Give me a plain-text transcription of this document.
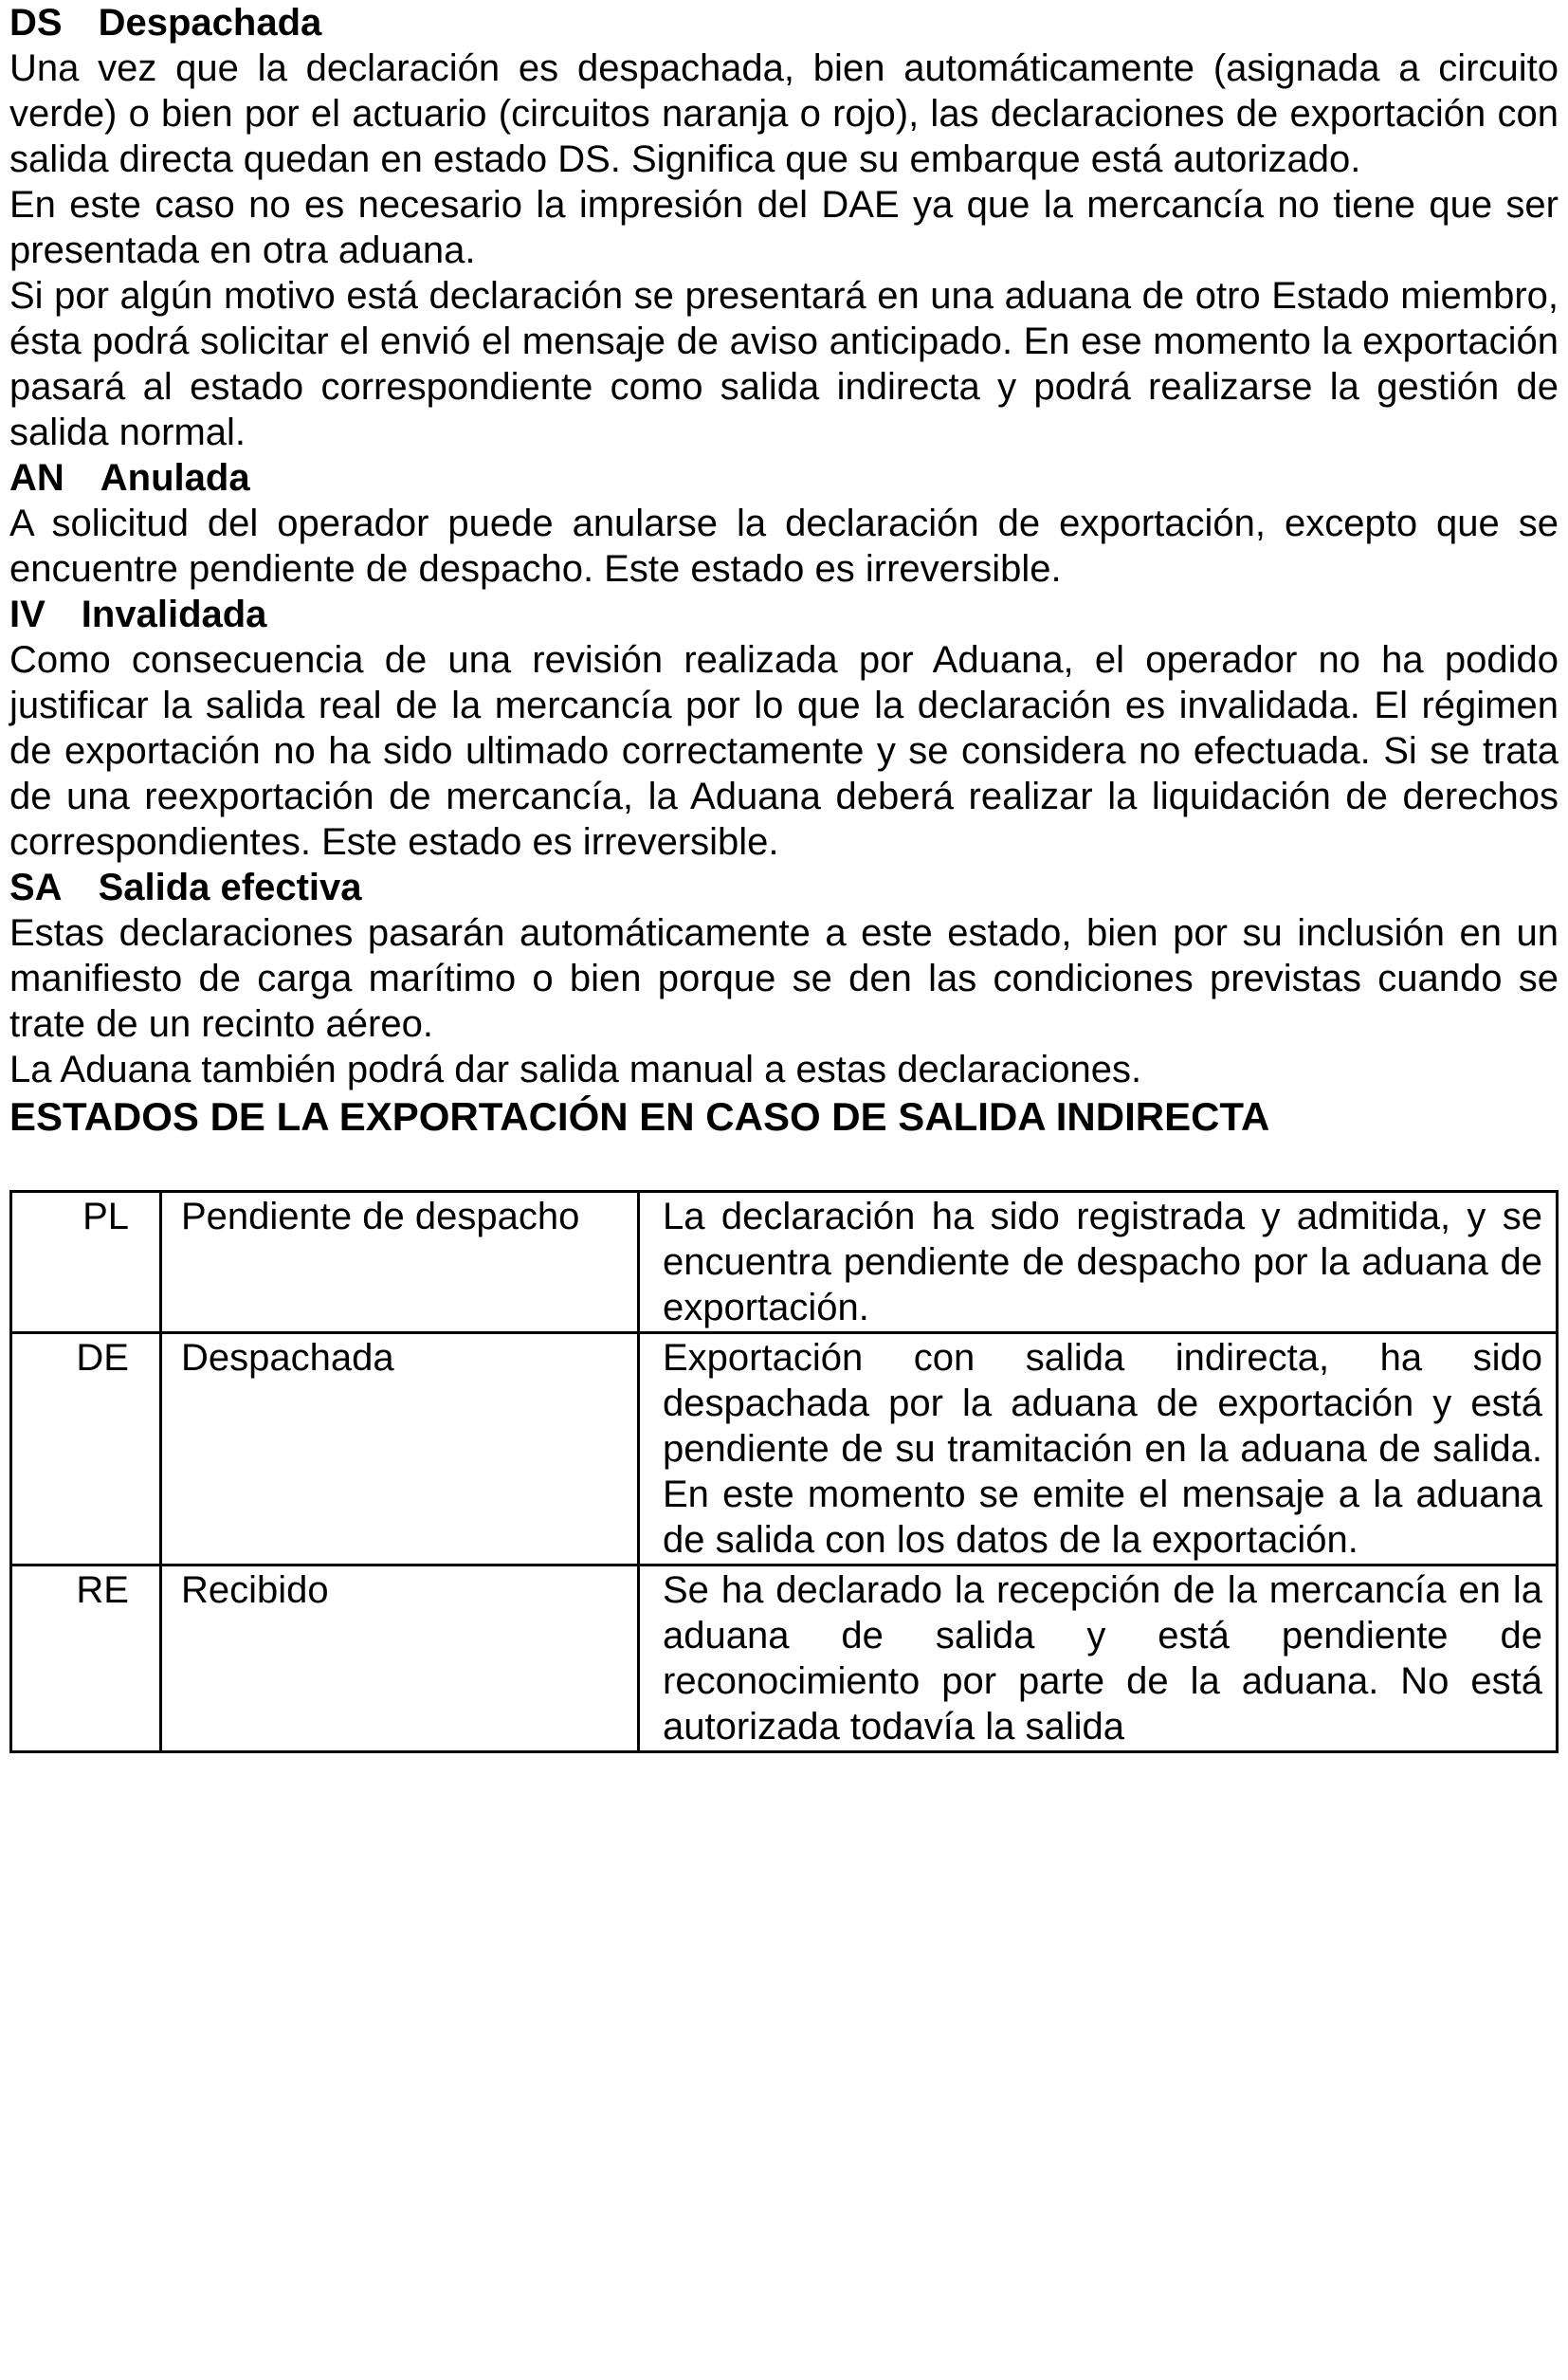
DS Despachada

Una vez que la declaración es despachada, bien automáticamente (asignada a circuito verde) o bien por el actuario (circuitos naranja o rojo), las declaraciones de exportación con salida directa quedan en estado DS. Significa que su embarque está autorizado.

En este caso no es necesario la impresión del DAE ya que la mercancía no tiene que ser presentada en otra aduana.

Si por algún motivo está declaración se presentará en una aduana de otro Estado miembro, ésta podrá solicitar el envió el mensaje de aviso anticipado. En ese momento la exportación pasará al estado correspondiente como salida indirecta y podrá realizarse la gestión de salida normal.

AN Anulada

A solicitud del operador puede anularse la declaración de exportación, excepto que se encuentre pendiente de despacho. Este estado es irreversible.

IV Invalidada

Como consecuencia de una revisión realizada por Aduana, el operador no ha podido justificar la salida real de la mercancía por lo que la declaración es invalidada. El régimen de exportación no ha sido ultimado correctamente y se considera no efectuada. Si se trata de una reexportación de mercancía, la Aduana deberá realizar la liquidación de derechos correspondientes. Este estado es irreversible.

SA Salida efectiva

Estas declaraciones pasarán automáticamente a este estado, bien por su inclusión en un manifiesto de carga marítimo o bien porque se den las condiciones previstas cuando se trate de un recinto aéreo.

La Aduana también podrá dar salida manual a estas declaraciones.

ESTADOS DE LA EXPORTACIÓN EN CASO DE SALIDA INDIRECTA
PL	Pendiente de despacho	La declaración ha sido registrada y admitida, y se encuentra pendiente de despacho por la aduana de exportación.
DE	Despachada	Exportación con salida indirecta, ha sido despachada por la aduana de exportación y está pendiente de su tramitación en la aduana de salida. En este momento se emite el mensaje a la aduana de salida con los datos de la exportación.
RE	Recibido	Se ha declarado la recepción de la mercancía en la aduana de salida y está pendiente de reconocimiento por parte de la aduana. No está autorizada todavía la salida
